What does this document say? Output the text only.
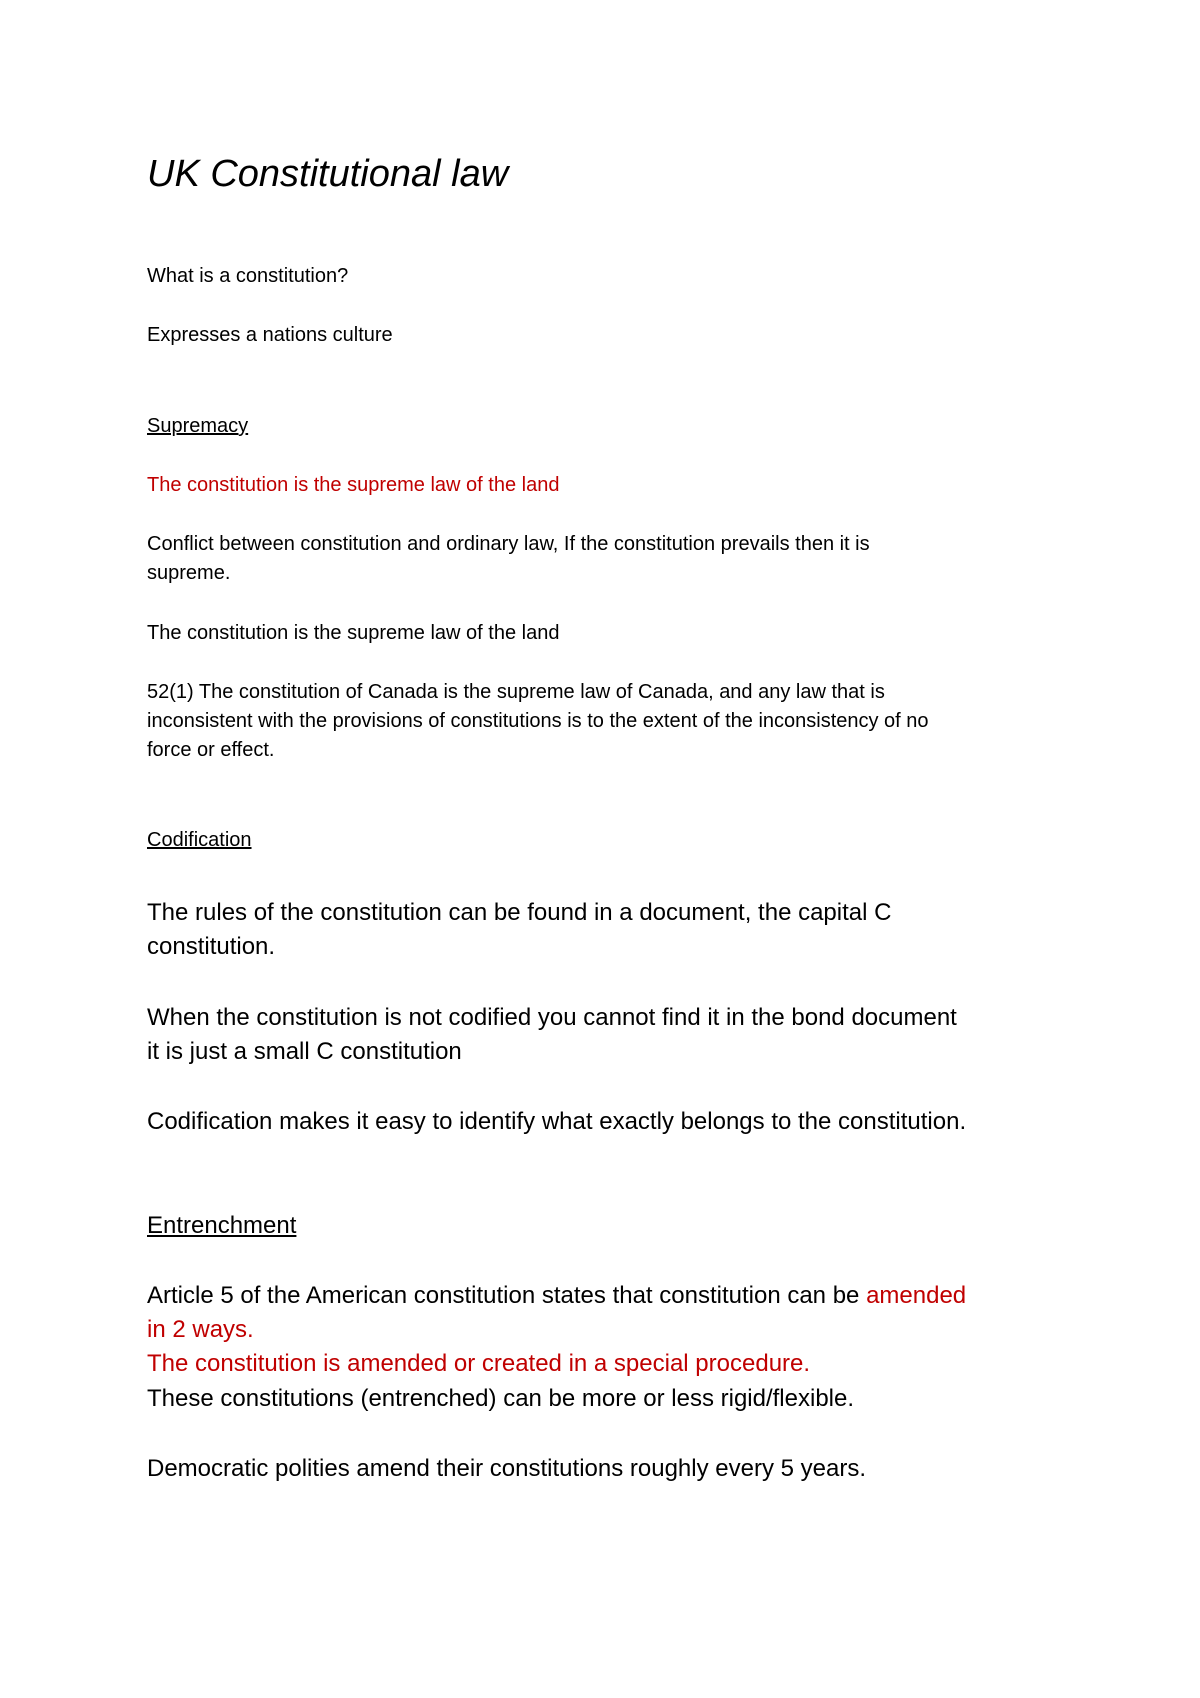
UK Constitutional law

What is a constitution?

Expresses a nations culture

Supremacy

The constitution is the supreme law of the land

Conflict between constitution and ordinary law, If the constitution prevails then it is

supreme.

The constitution is the supreme law of the land

52(1) The constitution of Canada is the supreme law of Canada, and any law that is

inconsistent with the provisions of constitutions is to the extent of the inconsistency of no

force or effect.

Codification

The rules of the constitution can be found in a document, the capital C

constitution.

When the constitution is not codified you cannot find it in the bond document

it is just a small C constitution

Codification makes it easy to identify what exactly belongs to the constitution.

Entrenchment

Article 5 of the American constitution states that constitution can be amended

in 2 ways.

The constitution is amended or created in a special procedure.

These constitutions (entrenched) can be more or less rigid/flexible.

Democratic polities amend their constitutions roughly every 5 years.
